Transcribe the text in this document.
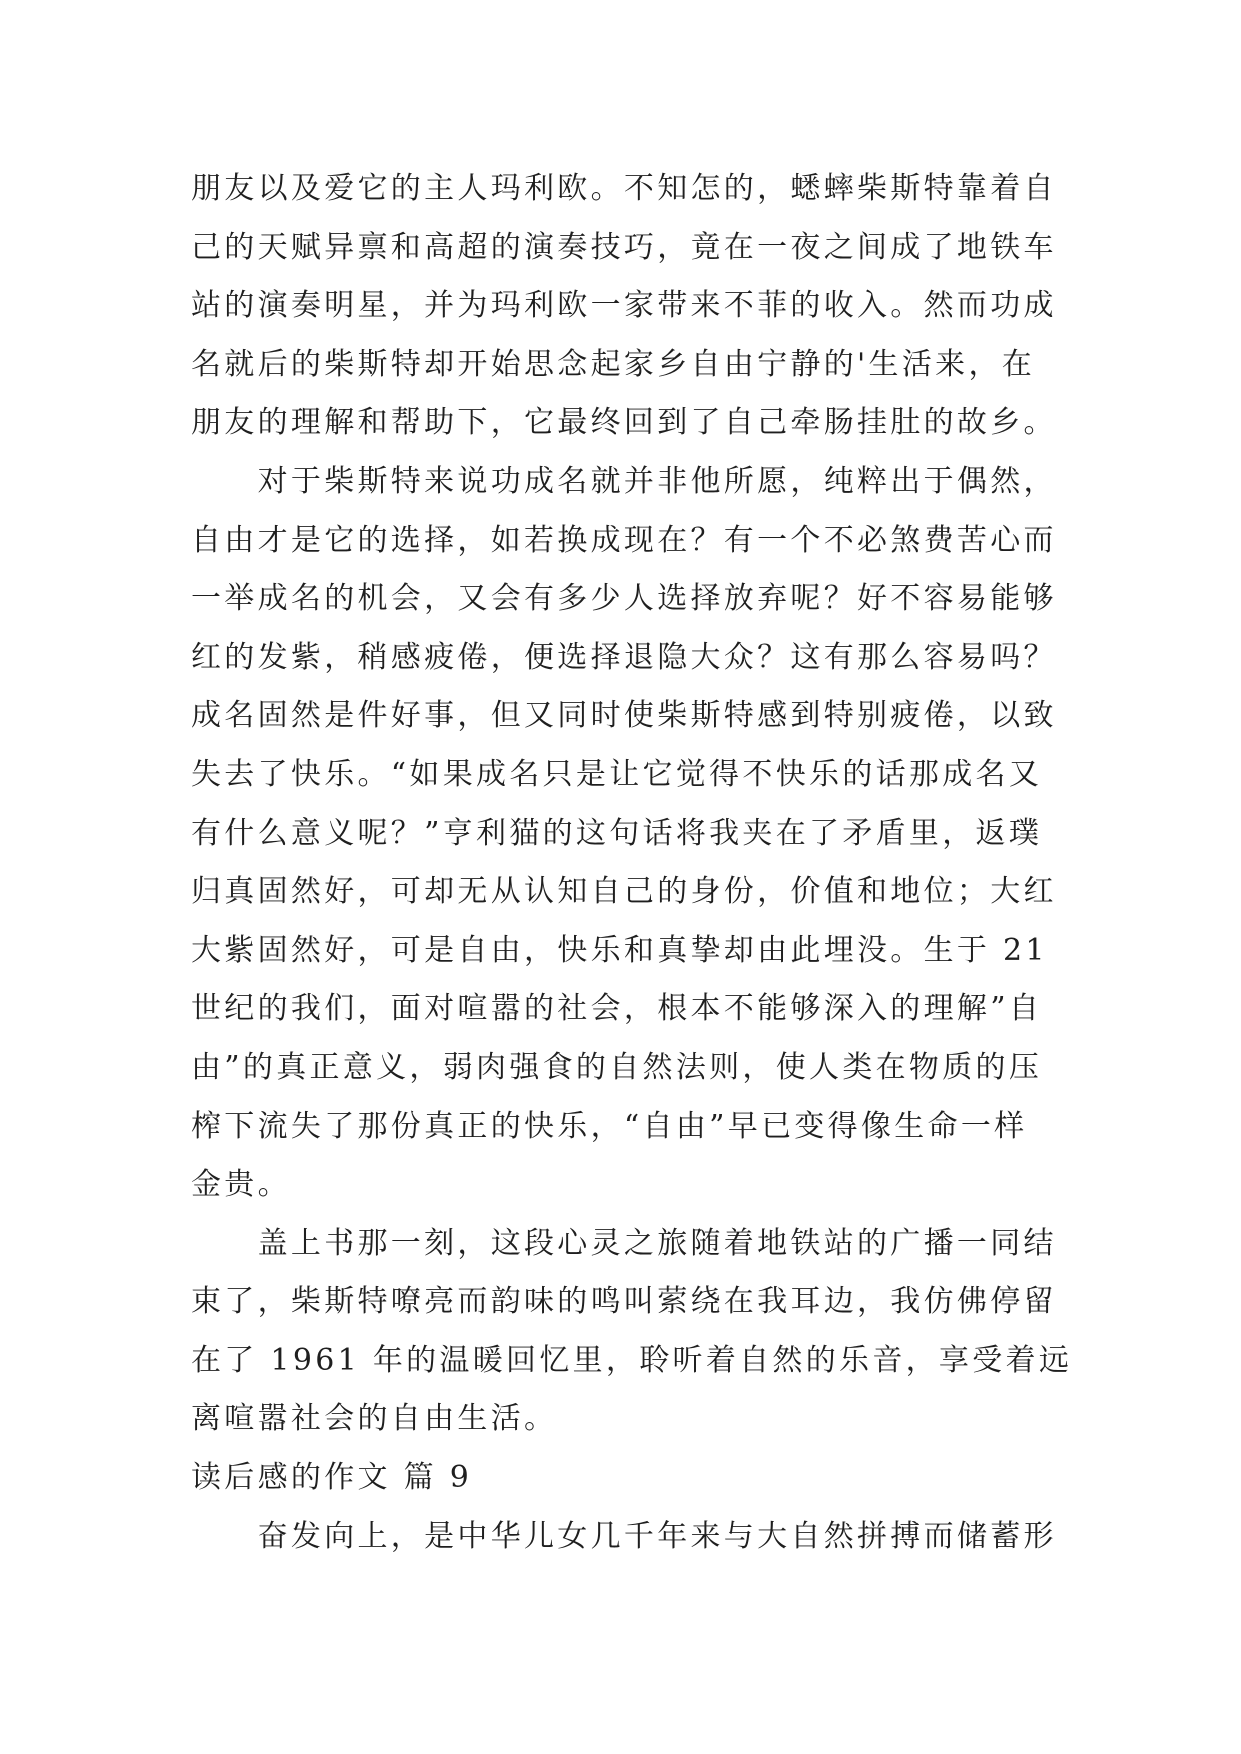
朋友以及爱它的主人玛利欧。不知怎的，蟋蟀柴斯特靠着自
己的天赋异禀和高超的演奏技巧，竟在一夜之间成了地铁车
站的演奏明星，并为玛利欧一家带来不菲的收入。然而功成
名就后的柴斯特却开始思念起家乡自由宁静的'生活来，在
朋友的理解和帮助下，它最终回到了自己牵肠挂肚的故乡。
　　对于柴斯特来说功成名就并非他所愿，纯粹出于偶然，
自由才是它的选择，如若换成现在？有一个不必煞费苦心而
一举成名的机会，又会有多少人选择放弃呢？好不容易能够
红的发紫，稍感疲倦，便选择退隐大众？这有那么容易吗？
成名固然是件好事，但又同时使柴斯特感到特别疲倦，以致
失去了快乐。“如果成名只是让它觉得不快乐的话那成名又
有什么意义呢？”亨利猫的这句话将我夹在了矛盾里，返璞
归真固然好，可却无从认知自己的身份，价值和地位；大红
大紫固然好，可是自由，快乐和真挚却由此埋没。生于 21
世纪的我们，面对喧嚣的社会，根本不能够深入的理解”自
由”的真正意义，弱肉强食的自然法则，使人类在物质的压
榨下流失了那份真正的快乐，“自由”早已变得像生命一样
金贵。
　　盖上书那一刻，这段心灵之旅随着地铁站的广播一同结
束了，柴斯特嘹亮而韵味的鸣叫萦绕在我耳边，我仿佛停留
在了 1961 年的温暖回忆里，聆听着自然的乐音，享受着远
离喧嚣社会的自由生活。
读后感的作文 篇 9
　　奋发向上，是中华儿女几千年来与大自然拼搏而储蓄形
